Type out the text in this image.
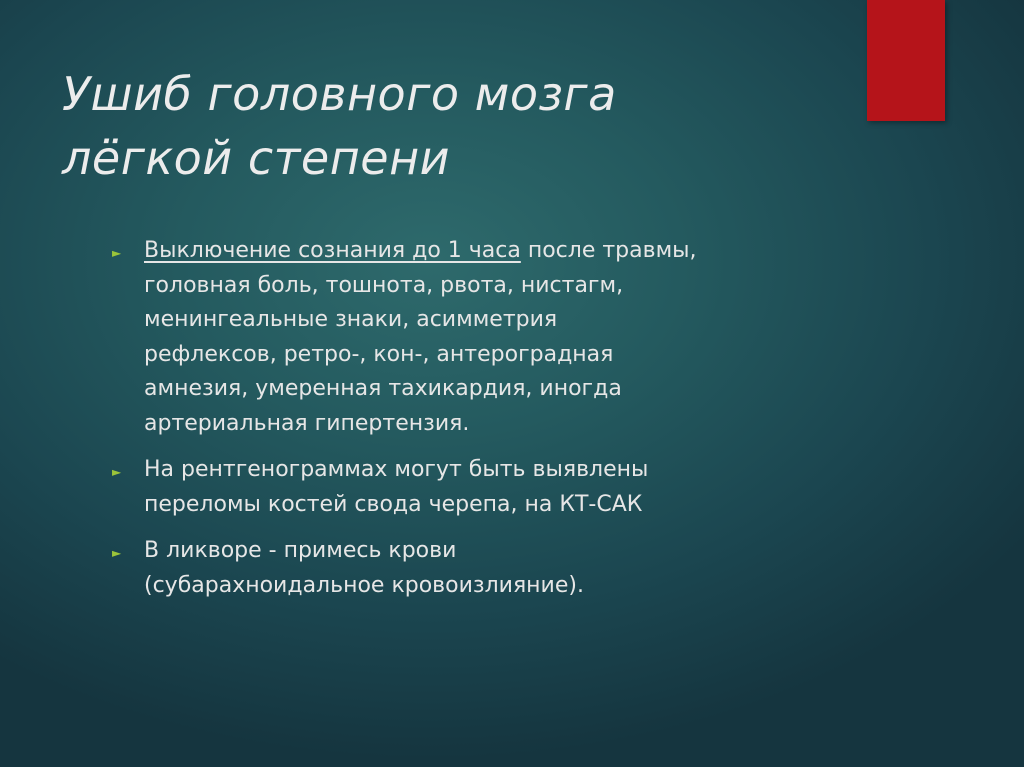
Ушиб головного мозга
лёгкой степени
► Выключение сознания до 1 часа после травмы,
головная боль, тошнота, рвота, нистагм,
менингеальные знаки, асимметрия
рефлексов, ретро-, кон-, антероградная
амнезия, умеренная тахикардия, иногда
артериальная гипертензия.
► На рентгенограммах могут быть выявлены
переломы костей свода черепа, на КТ-САК
► В ликворе - примесь крови
(субарахноидальное кровоизлияние).
